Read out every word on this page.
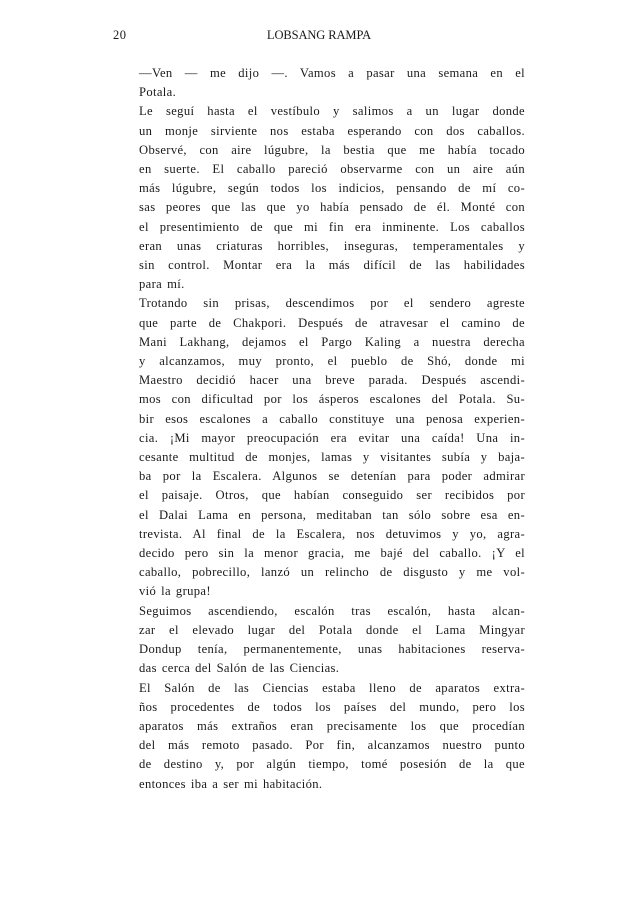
20	LOBSANG RAMPA

—Ven — me dijo —. Vamos a pasar una semana en el
Potala.

Le seguí hasta el vestíbulo y salimos a un lugar donde
un monje sirviente nos estaba esperando con dos caballos.
Observé, con aire lúgubre, la bestia que me había tocado
en suerte. El caballo pareció observarme con un aire aún
más lúgubre, según todos los indicios, pensando de mí co-
sas peores que las que yo había pensado de él. Monté con
el presentimiento de que mi fin era inminente. Los caballos
eran unas criaturas horribles, inseguras, temperamentales y
sin control. Montar era la más difícil de las habilidades
para mí.

Trotando sin prisas, descendimos por el sendero agreste
que parte de Chakpori. Después de atravesar el camino de
Mani Lakhang, dejamos el Pargo Kaling a nuestra derecha
y alcanzamos, muy pronto, el pueblo de Shó, donde mi
Maestro decidió hacer una breve parada. Después ascendi-
mos con dificultad por los ásperos escalones del Potala. Su-
bir esos escalones a caballo constituye una penosa experien-
cia. ¡Mi mayor preocupación era evitar una caída! Una in-
cesante multitud de monjes, lamas y visitantes subía y baja-
ba por la Escalera. Algunos se detenían para poder admirar
el paisaje. Otros, que habían conseguido ser recibidos por
el Dalai Lama en persona, meditaban tan sólo sobre esa en-
trevista. Al final de la Escalera, nos detuvimos y yo, agra-
decido pero sin la menor gracia, me bajé del caballo. ¡Y el
caballo, pobrecillo, lanzó un relincho de disgusto y me vol-
vió la grupa!

Seguimos ascendiendo, escalón tras escalón, hasta alcan-
zar el elevado lugar del Potala donde el Lama Mingyar
Dondup tenía, permanentemente, unas habitaciones reserva-
das cerca del Salón de las Ciencias.

El Salón de las Ciencias estaba lleno de aparatos extra-
ños procedentes de todos los países del mundo, pero los
aparatos más extraños eran precisamente los que procedían
del más remoto pasado. Por fin, alcanzamos nuestro punto
de destino y, por algún tiempo, tomé posesión de la que
entonces iba a ser mi habitación.
